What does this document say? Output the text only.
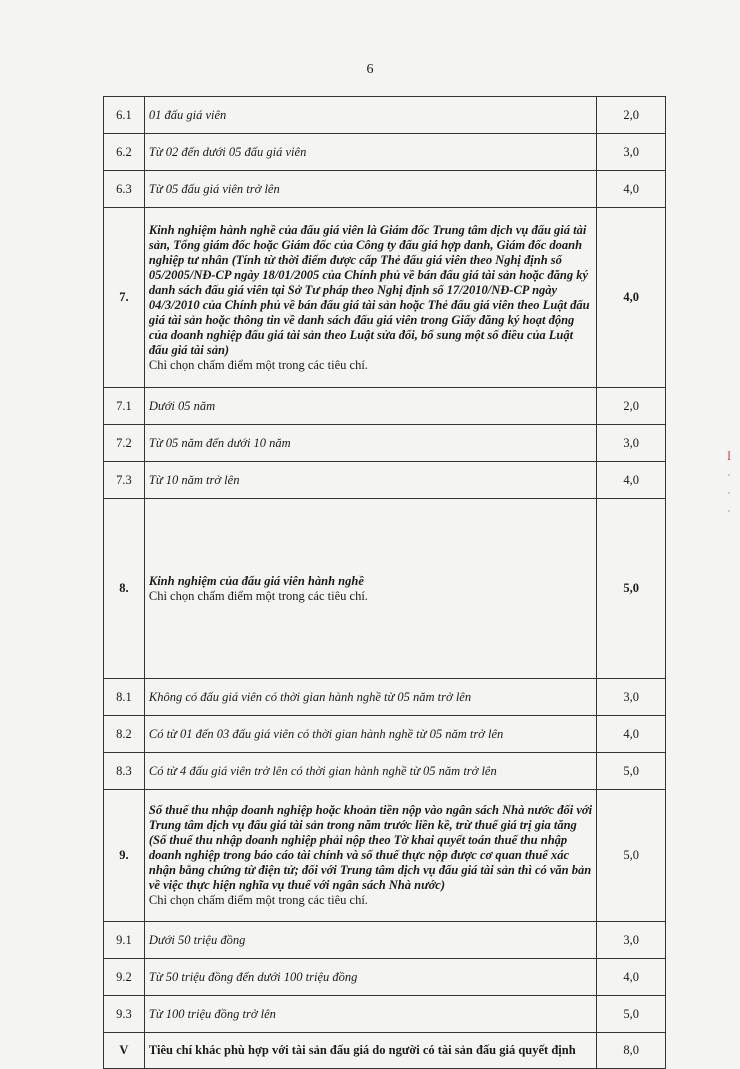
6
6.1	01 đấu giá viên	2,0
6.2	Từ 02 đến dưới 05 đấu giá viên	3,0
6.3	Từ 05 đấu giá viên trở lên	4,0
7.	Kinh nghiệm hành nghề của đấu giá viên là Giám đốc Trung tâm dịch vụ đấu giá tài sản, Tổng giám đốc hoặc Giám đốc của Công ty đấu giá hợp danh, Giám đốc doanh nghiệp tư nhân (Tính từ thời điểm được cấp Thẻ đấu giá viên theo Nghị định số 05/2005/NĐ-CP ngày 18/01/2005 của Chính phủ về bán đấu giá tài sản hoặc đăng ký danh sách đấu giá viên tại Sở Tư pháp theo Nghị định số 17/2010/NĐ-CP ngày 04/3/2010 của Chính phủ về bán đấu giá tài sản hoặc Thẻ đấu giá viên theo Luật đấu giá tài sản hoặc thông tin về danh sách đấu giá viên trong Giấy đăng ký hoạt động của doanh nghiệp đấu giá tài sản theo Luật sửa đổi, bổ sung một số điều của Luật đấu giá tài sản)
Chỉ chọn chấm điểm một trong các tiêu chí.	4,0
7.1	Dưới 05 năm	2,0
7.2	Từ 05 năm đến dưới 10 năm	3,0
7.3	Từ 10 năm trở lên	4,0
8.	Kinh nghiệm của đấu giá viên hành nghề
Chỉ chọn chấm điểm một trong các tiêu chí.	5,0
8.1	Không có đấu giá viên có thời gian hành nghề từ 05 năm trở lên	3,0
8.2	Có từ 01 đến 03 đấu giá viên có thời gian hành nghề từ 05 năm trở lên	4,0
8.3	Có từ 4 đấu giá viên trở lên có thời gian hành nghề từ 05 năm trở lên	5,0
9.	Số thuế thu nhập doanh nghiệp hoặc khoản tiền nộp vào ngân sách Nhà nước đối với Trung tâm dịch vụ đấu giá tài sản trong năm trước liền kề, trừ thuế giá trị gia tăng (Số thuế thu nhập doanh nghiệp phải nộp theo Tờ khai quyết toán thuế thu nhập doanh nghiệp trong báo cáo tài chính và số thuế thực nộp được cơ quan thuế xác nhận bằng chứng từ điện tử; đối với Trung tâm dịch vụ đấu giá tài sản thì có văn bản về việc thực hiện nghĩa vụ thuế với ngân sách Nhà nước)
Chỉ chọn chấm điểm một trong các tiêu chí.	5,0
9.1	Dưới 50 triệu đồng	3,0
9.2	Từ 50 triệu đồng đến dưới 100 triệu đồng	4,0
9.3	Từ 100 triệu đồng trở lên	5,0
V	Tiêu chí khác phù hợp với tài sản đấu giá do người có tài sản đấu giá quyết định	8,0
ꟾ
·
·
·
